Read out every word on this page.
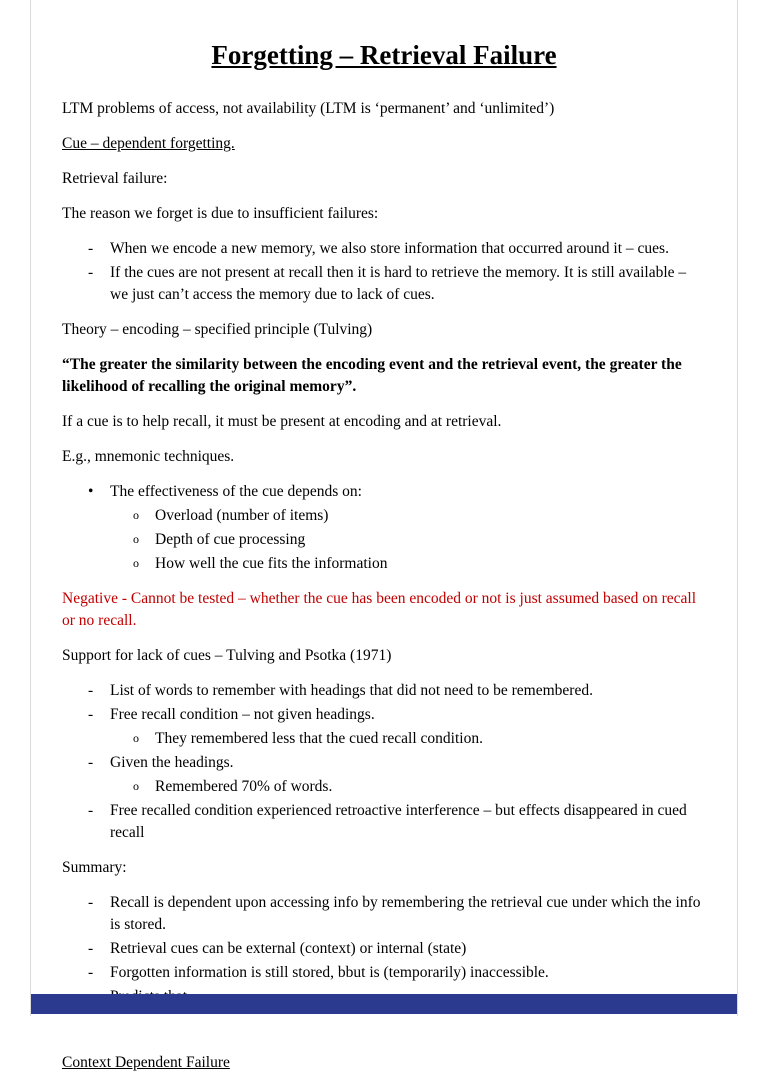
Forgetting – Retrieval Failure

LTM problems of access, not availability (LTM is ‘permanent’ and ‘unlimited’)

Cue – dependent forgetting.

Retrieval failure:

The reason we forget is due to insufficient failures:

-	When we encode a new memory, we also store information that occurred around it – cues.
-	If the cues are not present at recall then it is hard to retrieve the memory. It is still available – we just can’t access the memory due to lack of cues.

Theory – encoding – specified principle (Tulving)

“The greater the similarity between the encoding event and the retrieval event, the greater the likelihood of recalling the original memory”.

If a cue is to help recall, it must be present at encoding and at retrieval.

E.g., mnemonic techniques.

•	The effectiveness of the cue depends on:
o	Overload (number of items)
o	Depth of cue processing
o	How well the cue fits the information

Negative - Cannot be tested – whether the cue has been encoded or not is just assumed based on recall or no recall.

Support for lack of cues – Tulving and Psotka (1971)

-	List of words to remember with headings that did not need to be remembered.
-	Free recall condition – not given headings.
o	They remembered less that the cued recall condition.
-	Given the headings.
o	Remembered 70% of words.
-	Free recalled condition experienced retroactive interference – but effects disappeared in cued recall

Summary:

-	Recall is dependent upon accessing info by remembering the retrieval cue under which the info is stored.
-	Retrieval cues can be external (context) or internal (state)
-	Forgotten information is still stored, bbut is (temporarily) inaccessible.

Context Dependent Failure
